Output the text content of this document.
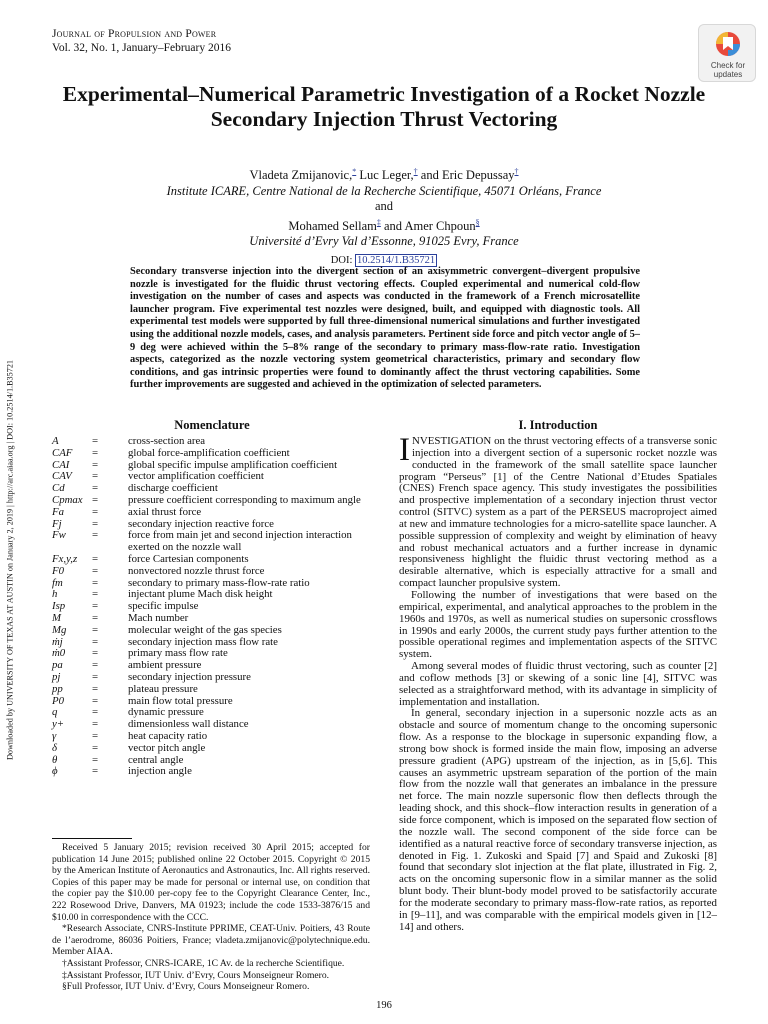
Journal of Propulsion and Power
Vol. 32, No. 1, January–February 2016
Check for
updates
Experimental–Numerical Parametric Investigation of a Rocket Nozzle Secondary Injection Thrust Vectoring
Vladeta Zmijanovic,* Luc Leger,† and Eric Depussay†
Institute ICARE, Centre National de la Recherche Scientifique, 45071 Orléans, France
and
Mohamed Sellam‡ and Amer Chpoun§
Université d’Evry Val d’Essonne, 91025 Evry, France
DOI: 10.2514/1.B35721
Secondary transverse injection into the divergent section of an axisymmetric convergent–divergent propulsive nozzle is investigated for the fluidic thrust vectoring effects. Coupled experimental and numerical cold-flow investigation on the number of cases and aspects was conducted in the framework of a French microsatellite launcher program. Five experimental test nozzles were designed, built, and equipped with diagnostic tools. All experimental test models were supported by full three-dimensional numerical simulations and further investigated using the additional nozzle models, cases, and analysis parameters. Pertinent side force and pitch vector angle of 5–9 deg were achieved within the 5–8% range of the secondary to primary mass-flow-rate ratio. Investigation aspects, categorized as the nozzle vectoring system geometrical characteristics, primary and secondary flow conditions, and gas intrinsic properties were found to dominantly affect the thrust vectoring capabilities. Some further improvements are suggested and achieved in the optimization of selected parameters.
Downloaded by UNIVERSITY OF TEXAS AT AUSTIN on January 2, 2019 | http://arc.aiaa.org | DOI: 10.2514/1.B35721	Nomenclature
A	=	cross-section area
CAF	=	global force-amplification coefficient
CAI	=	global specific impulse amplification coefficient
CAV	=	vector amplification coefficient
Cd	=	discharge coefficient
Cpmax =	pressure coefficient corresponding to maximum angle
Fa	=	axial thrust force
Fj	=	secondary injection reactive force
Fw	=	force from main jet and second injection interaction
exerted on the nozzle wall
Fx,y,z	=	force Cartesian components
F0	=	nonvectored nozzle thrust force
fm	=	secondary to primary mass-flow-rate ratio
h	=	injectant plume Mach disk height
Isp	=	specific impulse
M	=	Mach number
Mg	=	molecular weight of the gas species
ṁj	=	secondary injection mass flow rate
ṁ0	=	primary mass flow rate
pa	=	ambient pressure
pj	=	secondary injection pressure
pp	=	plateau pressure
P0	=	main flow total pressure
q	=	dynamic pressure
y+	=	dimensionless wall distance
γ	=	heat capacity ratio
δ	=	vector pitch angle
θ	=	central angle
ϕ	=	injection angle
I. Introduction

INVESTIGATION on the thrust vectoring effects of a transverse sonic injection into a divergent section of a supersonic rocket nozzle was conducted in the framework of the small satellite space launcher program “Perseus” [1] of the Centre National d’Etudes Spatiales (CNES) French space agency. This study investigates the possibilities and prospective implementation of a secondary injection thrust vector control (SITVC) system as a part of the PERSEUS macroproject aimed at new and immature technologies for a micro-satellite space launcher. A possible suppression of complexity and weight by elimination of heavy and robust mechanical actuators and a further increase in dynamic responsiveness highlight the fluidic thrust vectoring method as a desirable alternative, which is especially attractive for a small and compact launcher propulsive system.

Following the number of investigations that were based on the empirical, experimental, and analytical approaches to the problem in the 1960s and 1970s, as well as numerical studies on supersonic crossflows in 1990s and early 2000s, the current study pays further attention to the possible operational regimes and implementation aspects of the SITVC system.

Among several modes of fluidic thrust vectoring, such as counter [2] and coflow methods [3] or skewing of a sonic line [4], SITVC was selected as a straightforward method, with its advantage in simplicity of implementation and installation.

In general, secondary injection in a supersonic nozzle acts as an obstacle and source of momentum change to the oncoming supersonic flow. As a response to the blockage in supersonic expanding flow, a strong bow shock is formed inside the main flow, imposing an adverse pressure gradient (APG) upstream of the injection, as in [5,6]. This causes an asymmetric upstream separation of the portion of the main flow from the nozzle wall that generates an imbalance in the pressure net force. The main nozzle supersonic flow then deflects through the leading shock, and this shock–flow interaction results in generation of a side force component, which is imposed on the separated flow section of the nozzle wall. The second component of the side force can be identified as a natural reactive force of secondary transverse injection, as denoted in Fig. 1. Zukoski and Spaid [7] and Spaid and Zukoski [8] found that secondary slot injection at the flat plate, illustrated in Fig. 2, acts on the oncoming supersonic flow in a similar manner as the solid blunt body. Their blunt-body model proved to be satisfactorily accurate for the moderate secondary to primary mass-flow-rate ratios, as reported in [9–11], and was comparable with the empirical models given in [12–14] and others.

Received 5 January 2015; revision received 30 April 2015; accepted for publication 14 June 2015; published online 22 October 2015. Copyright © 2015 by the American Institute of Aeronautics and Astronautics, Inc. All rights reserved. Copies of this paper may be made for personal or internal use, on condition that the copier pay the $10.00 per-copy fee to the Copyright Clearance Center, Inc., 222 Rosewood Drive, Danvers, MA 01923; include the code 1533-3876/15 and $10.00 in correspondence with the CCC.

*Research Associate, CNRS-Institute PPRIME, CEAT-Univ. Poitiers, 43 Route de l’aerodrome, 86036 Poitiers, France; vladeta.zmijanovic@polytechnique.edu. Member AIAA.

†Assistant Professor, CNRS-ICARE, 1C Av. de la recherche Scientifique.

‡Assistant Professor, IUT Univ. d’Evry, Cours Monseigneur Romero.

§Full Professor, IUT Univ. d’Evry, Cours Monseigneur Romero.

196
